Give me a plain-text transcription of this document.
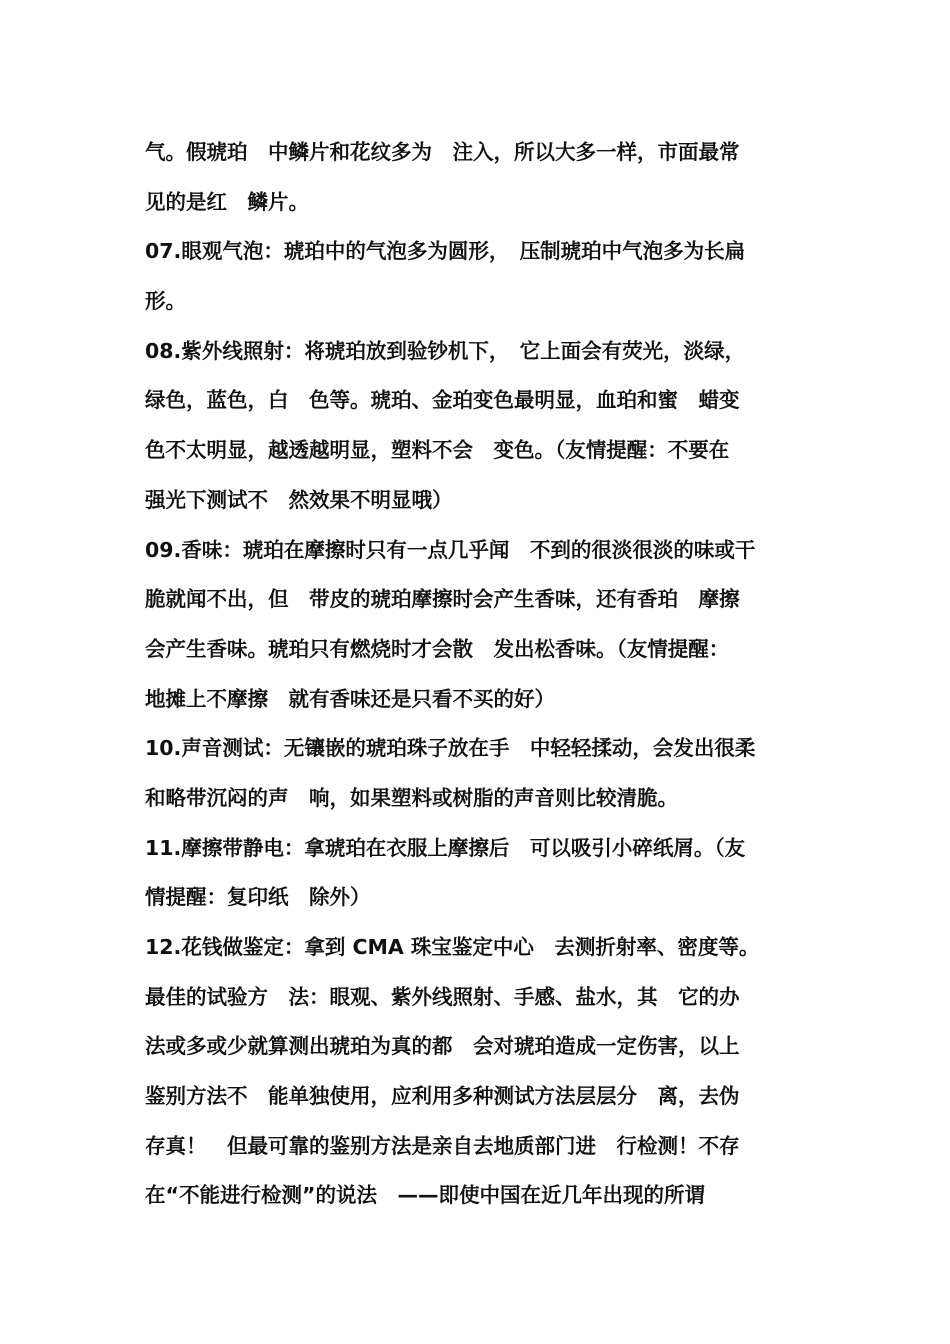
气。假琥珀　中鳞片和花纹多为　注入，所以大多一样，市面最常
见的是红　鳞片。
07.眼观气泡：琥珀中的气泡多为圆形，　压制琥珀中气泡多为长扁
形。
08.紫外线照射：将琥珀放到验钞机下，　它上面会有荧光，淡绿，
绿色，蓝色，白　色等。琥珀、金珀变色最明显，血珀和蜜　蜡变
色不太明显，越透越明显，塑料不会　变色。（友情提醒：不要在
强光下测试不　然效果不明显哦）
09.香味：琥珀在摩擦时只有一点几乎闻　不到的很淡很淡的味或干
脆就闻不出，但　带皮的琥珀摩擦时会产生香味，还有香珀　摩擦
会产生香味。琥珀只有燃烧时才会散　发出松香味。（友情提醒：
地摊上不摩擦　就有香味还是只看不买的好）
10.声音测试：无镶嵌的琥珀珠子放在手　中轻轻揉动，会发出很柔
和略带沉闷的声　响，如果塑料或树脂的声音则比较清脆。
11.摩擦带静电：拿琥珀在衣服上摩擦后　可以吸引小碎纸屑。（友
情提醒：复印纸　除外）
12.花钱做鉴定：拿到 CMA 珠宝鉴定中心　去测折射率、密度等。
最佳的试验方　法：眼观、紫外线照射、手感、盐水，其　它的办
法或多或少就算测出琥珀为真的都　会对琥珀造成一定伤害，以上
鉴别方法不　能单独使用，应利用多种测试方法层层分　离，去伪
存真！　但最可靠的鉴别方法是亲自去地质部门进　行检测！不存
在“不能进行检测”的说法　——即使中国在近几年出现的所谓
